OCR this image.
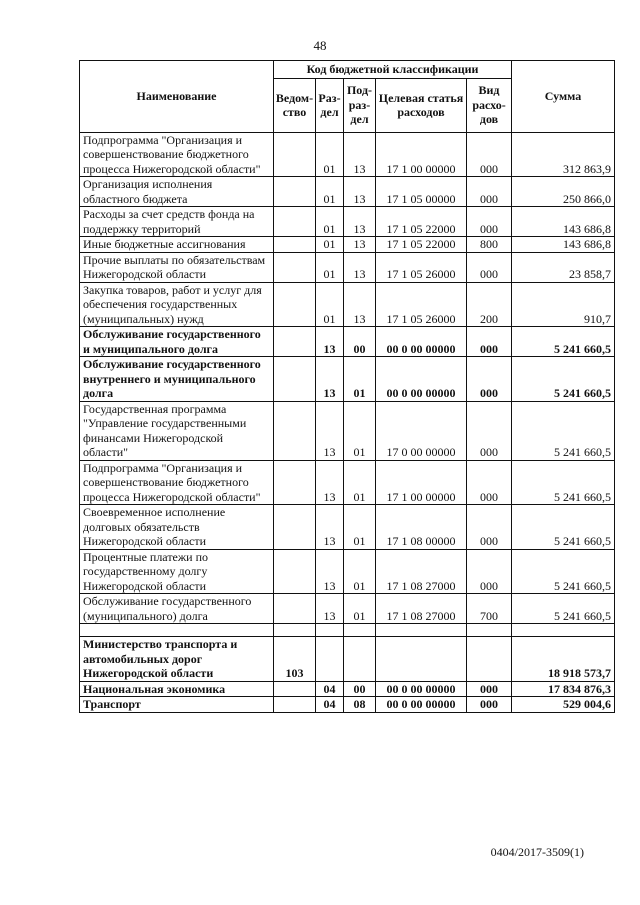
48
Наименование	Код бюджетной классификации					Сумма
	Ведом-ство	Раз-дел	Под-раз-дел	Целевая статья расходов	Вид расхо-дов	
Подпрограмма "Организация и совершенствование бюджетного процесса Нижегородской области"		01	13	17 1 00 00000	000	312 863,9
Организация исполнения областного бюджета		01	13	17 1 05 00000	000	250 866,0
Расходы за счет средств фонда на поддержку территорий		01	13	17 1 05 22000	000	143 686,8
Иные бюджетные ассигнования		01	13	17 1 05 22000	800	143 686,8
Прочие выплаты по обязательствам Нижегородской области		01	13	17 1 05 26000	000	23 858,7
Закупка товаров, работ и услуг для обеспечения государственных (муниципальных) нужд		01	13	17 1 05 26000	200	910,7
Обслуживание государственного и муниципального долга		13	00	00 0 00 00000	000	5 241 660,5
Обслуживание государственного внутреннего и муниципального долга		13	01	00 0 00 00000	000	5 241 660,5
Государственная программа "Управление государственными финансами Нижегородской области"		13	01	17 0 00 00000	000	5 241 660,5
Подпрограмма "Организация и совершенствование бюджетного процесса Нижегородской области"		13	01	17 1 00 00000	000	5 241 660,5
Своевременное исполнение долговых обязательств Нижегородской области		13	01	17 1 08 00000	000	5 241 660,5
Процентные платежи по государственному долгу Нижегородской области		13	01	17 1 08 27000	000	5 241 660,5
Обслуживание государственного (муниципального) долга		13	01	17 1 08 27000	700	5 241 660,5

Министерство транспорта и автомобильных дорог Нижегородской области	103					18 918 573,7
Национальная экономика		04	00	00 0 00 00000	000	17 834 876,3
Транспорт		04	08	00 0 00 00000	000	529 004,6
0404/2017-3509(1)
